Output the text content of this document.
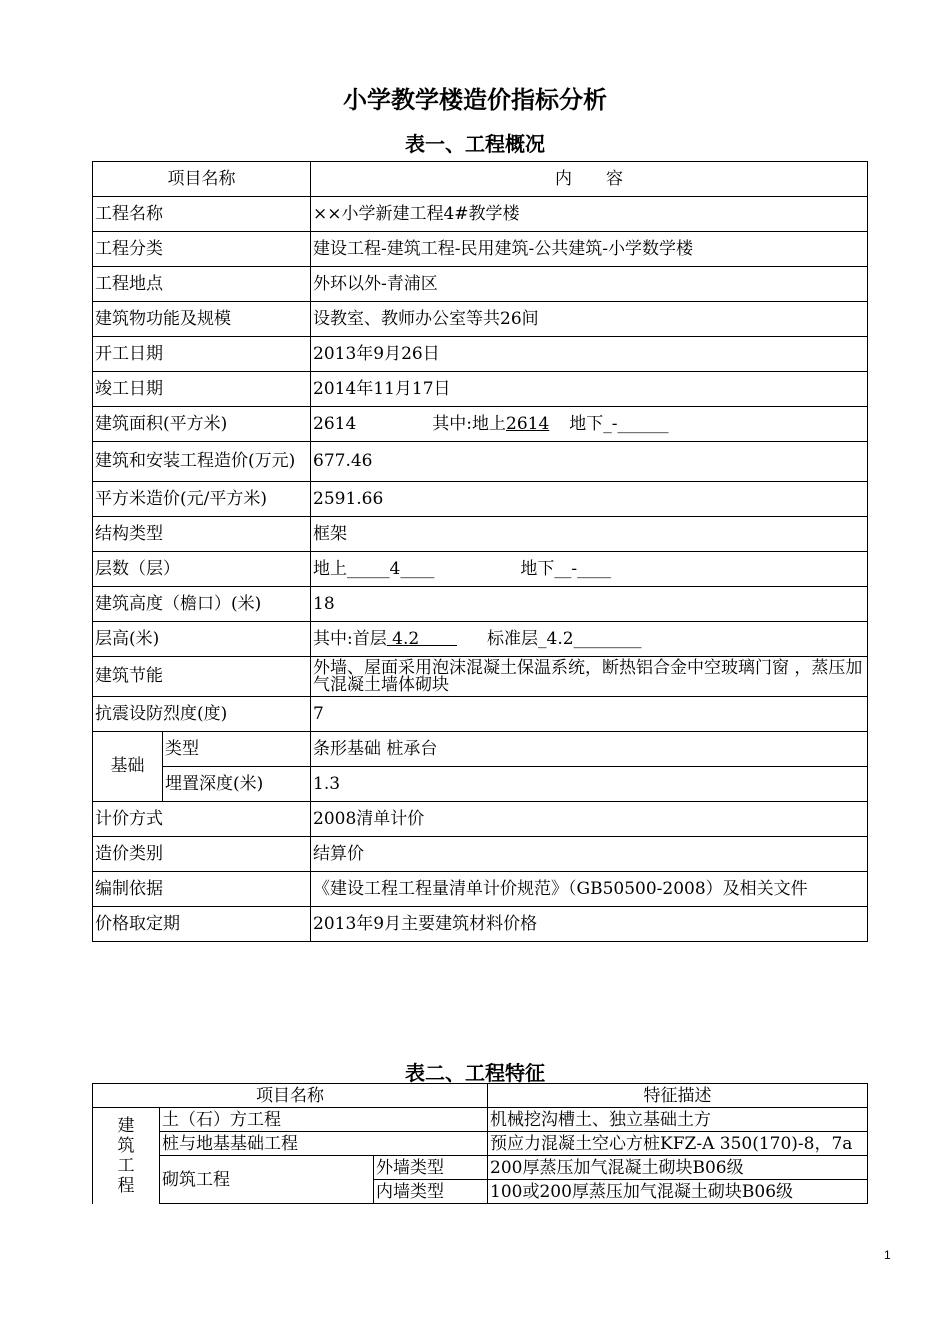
小学教学楼造价指标分析
表一、工程概况
项目名称		内　　容
工程名称		××小学新建工程4#教学楼
工程分类		建设工程-建筑工程-民用建筑-公共建筑-小学数学楼
工程地点		外环以外-青浦区
建筑物功能及规模		设教室、教师办公室等共26间
开工日期		2013年9月26日
竣工日期		2014年11月17日
建筑面积(平方米)		2614 其中:地上2614 地下_-______
建筑和安装工程造价(万元)		677.46
平方米造价(元/平方米)		2591.66
结构类型		框架
层数（层）		地上_____4____ 地下__-____
建筑高度（檐口）(米)		18
层高(米)		其中:首层 4.2       标准层_4.2________
建筑节能		外墙、屋面采用泡沫混凝土保温系统，断热铝合金中空玻璃门窗 ，蒸压加气混凝土墙体砌块
抗震设防烈度(度)		7
基础	类型	条形基础 桩承台
	埋置深度(米)	1.3
计价方式		2008清单计价
造价类别		结算价
编制依据		《建设工程工程量清单计价规范》（GB50500-2008）及相关文件
价格取定期		2013年9月主要建筑材料价格
表二、工程特征
项目名称			特征描述

建
筑
工
程	土（石）方工程		机械挖沟槽土、独立基础土方
	桩与地基基础工程		预应力混凝土空心方桩KFZ-A 350(170)-8，7a
	砌筑工程	外墙类型	200厚蒸压加气混凝土砌块B06级
		内墙类型	100或200厚蒸压加气混凝土砌块B06级
1
